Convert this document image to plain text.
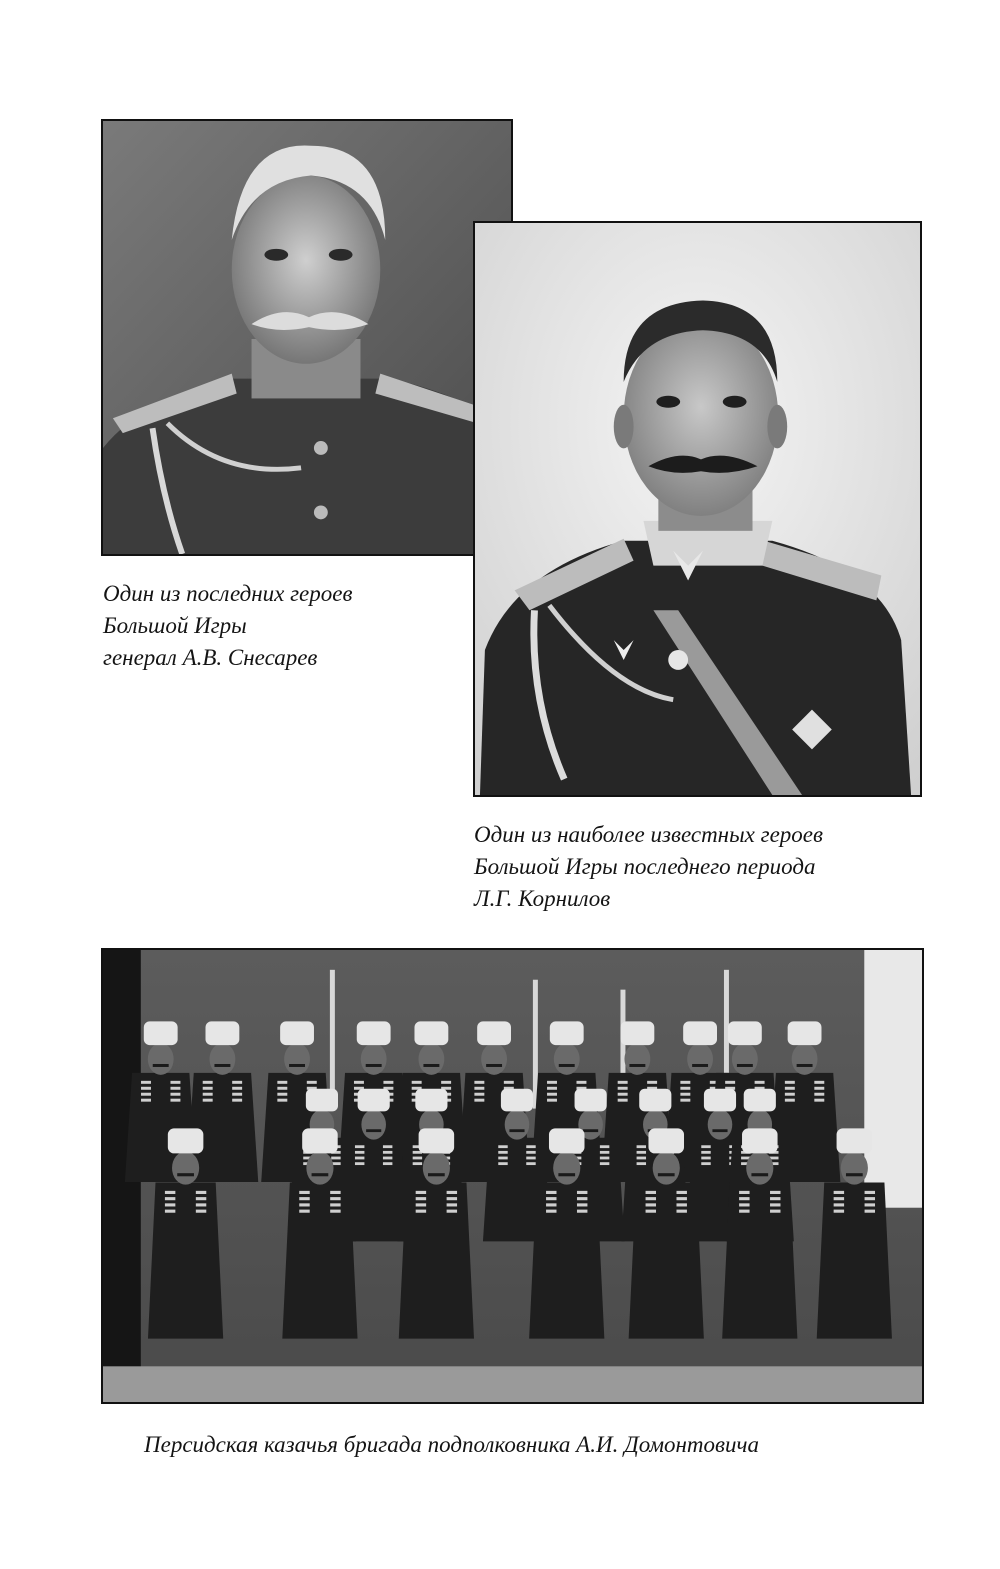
Один из последних героев
Большой Игры
генерал А.В. Снесарев
Один из наиболее известных героев
Большой Игры последнего периода
Л.Г. Корнилов
Персидская казачья бригада подполковника А.И. Домонтовича
